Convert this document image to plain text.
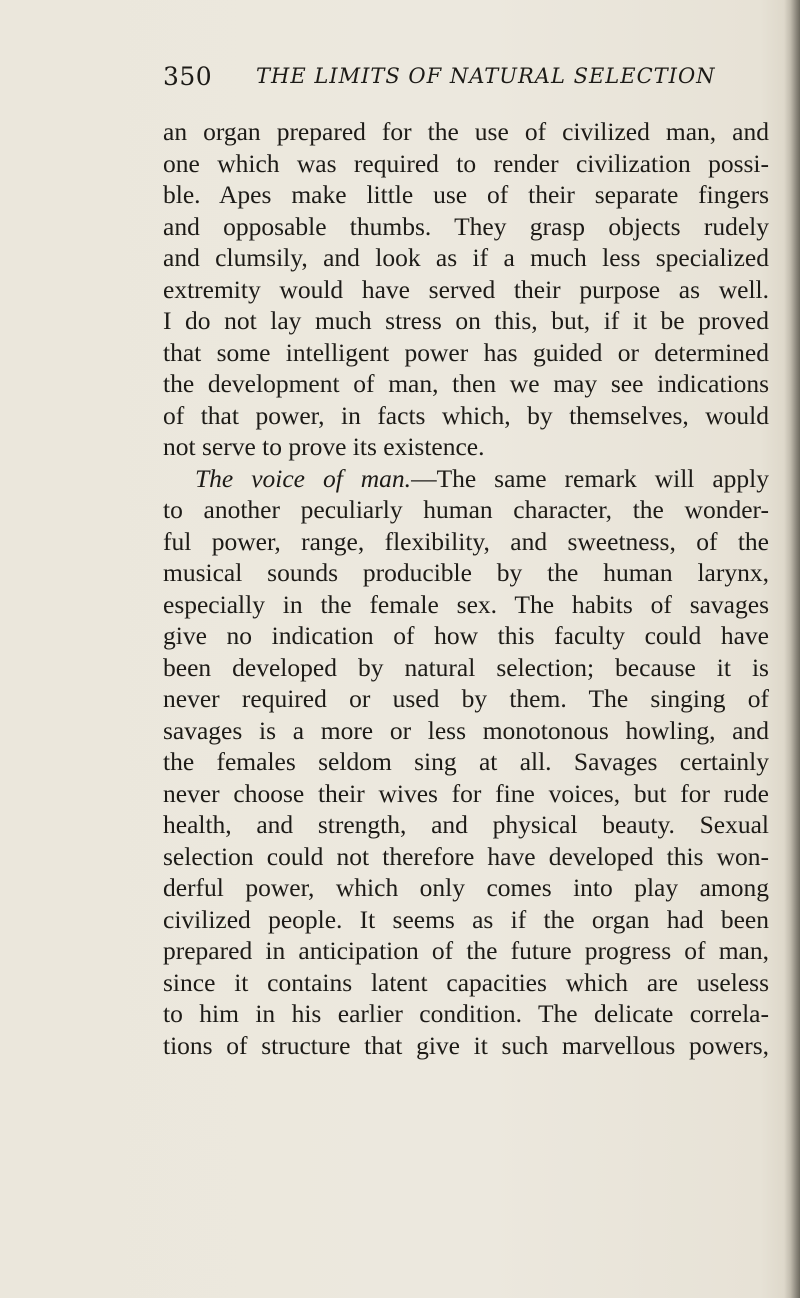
350 THE LIMITS OF NATURAL SELECTION
an organ prepared for the use of civilized man, and
one which was required to render civilization possi-
ble. Apes make little use of their separate fingers
and opposable thumbs. They grasp objects rudely
and clumsily, and look as if a much less specialized
extremity would have served their purpose as well.
I do not lay much stress on this, but, if it be proved
that some intelligent power has guided or determined
the development of man, then we may see indications
of that power, in facts which, by themselves, would
not serve to prove its existence.
The voice of man.—The same remark will apply
to another peculiarly human character, the wonder-
ful power, range, flexibility, and sweetness, of the
musical sounds producible by the human larynx,
especially in the female sex. The habits of savages
give no indication of how this faculty could have
been developed by natural selection; because it is
never required or used by them. The singing of
savages is a more or less monotonous howling, and
the females seldom sing at all. Savages certainly
never choose their wives for fine voices, but for rude
health, and strength, and physical beauty. Sexual
selection could not therefore have developed this won-
derful power, which only comes into play among
civilized people. It seems as if the organ had been
prepared in anticipation of the future progress of man,
since it contains latent capacities which are useless
to him in his earlier condition. The delicate correla-
tions of structure that give it such marvellous powers,
